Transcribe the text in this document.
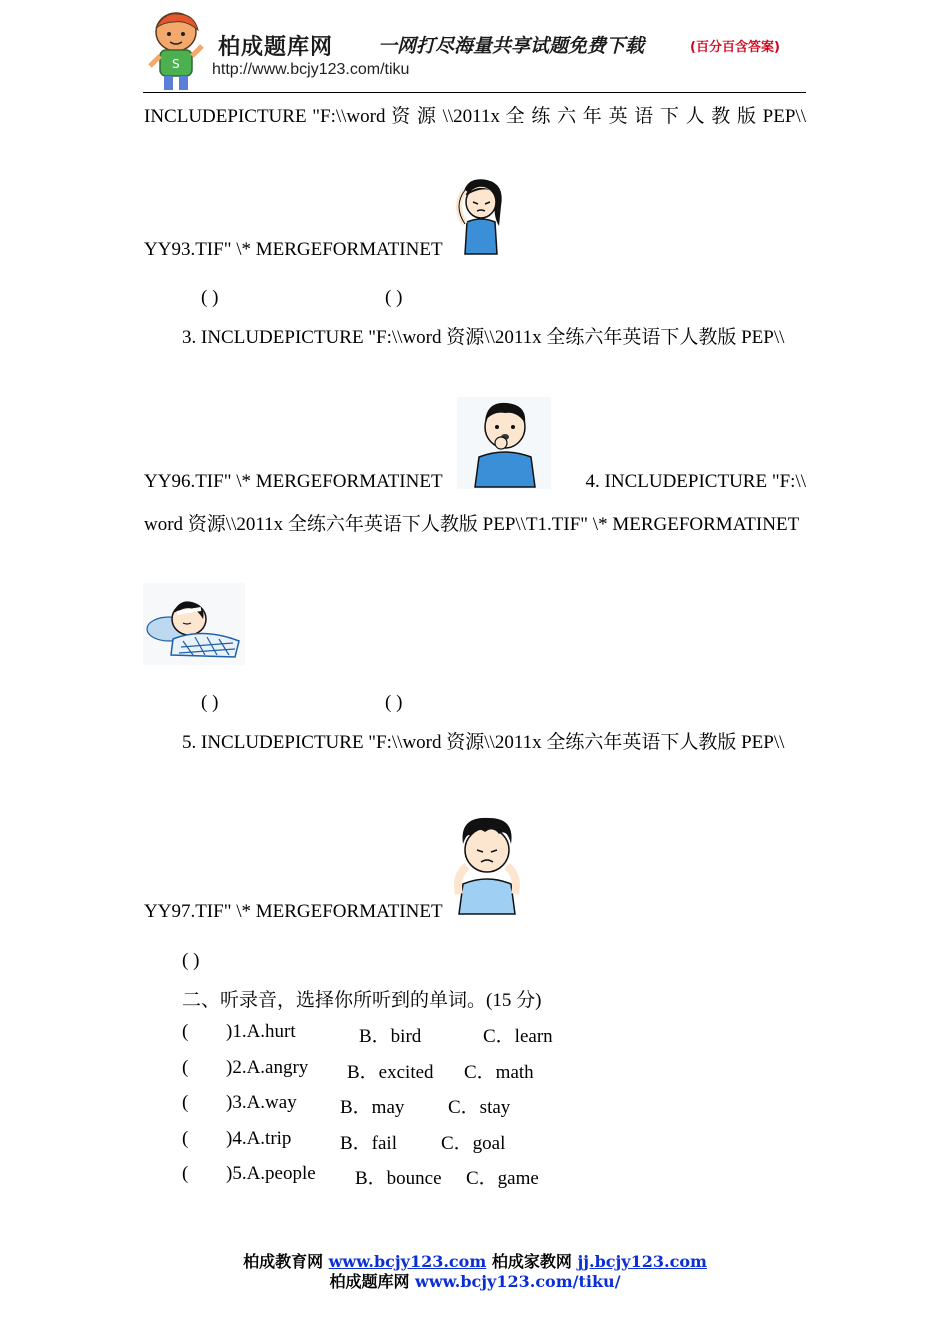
S
柏成题库网 一网打尽海量共享试题免费下载	(百分百含答案)
http://www.bcjy123.com/tiku
INCLUDEPICTURE "F:\\word 资 源 \\2011x 全 练 六 年 英 语 下 人 教 版 PEP\\
YY93.TIF" \* MERGEFORMATINET
( )	( )
3. INCLUDEPICTURE "F:\\word 资源\\2011x 全练六年英语下人教版 PEP\\
YY96.TIF" \* MERGEFORMATINET	4. INCLUDEPICTURE "F:\\
word 资源\\2011x 全练六年英语下人教版 PEP\\T1.TIF" \* MERGEFORMATINET
( )	( )
5. INCLUDEPICTURE "F:\\word 资源\\2011x 全练六年英语下人教版 PEP\\
YY97.TIF" \* MERGEFORMATINET
( )
二、听录音，选择你所听到的单词。(15 分)
( )1.A.hurt	B．bird	C．learn
( )2.A.angry B．excited C．math
( )3.A.way B．may C．stay
( )4.A.trip	B．fail C．goal
( )5.A.people B．bounce C．game
柏成教育网 www.bcjy123.com 柏成家教网 jj.bcjy123.com
柏成题库网 www.bcjy123.com/tiku/
